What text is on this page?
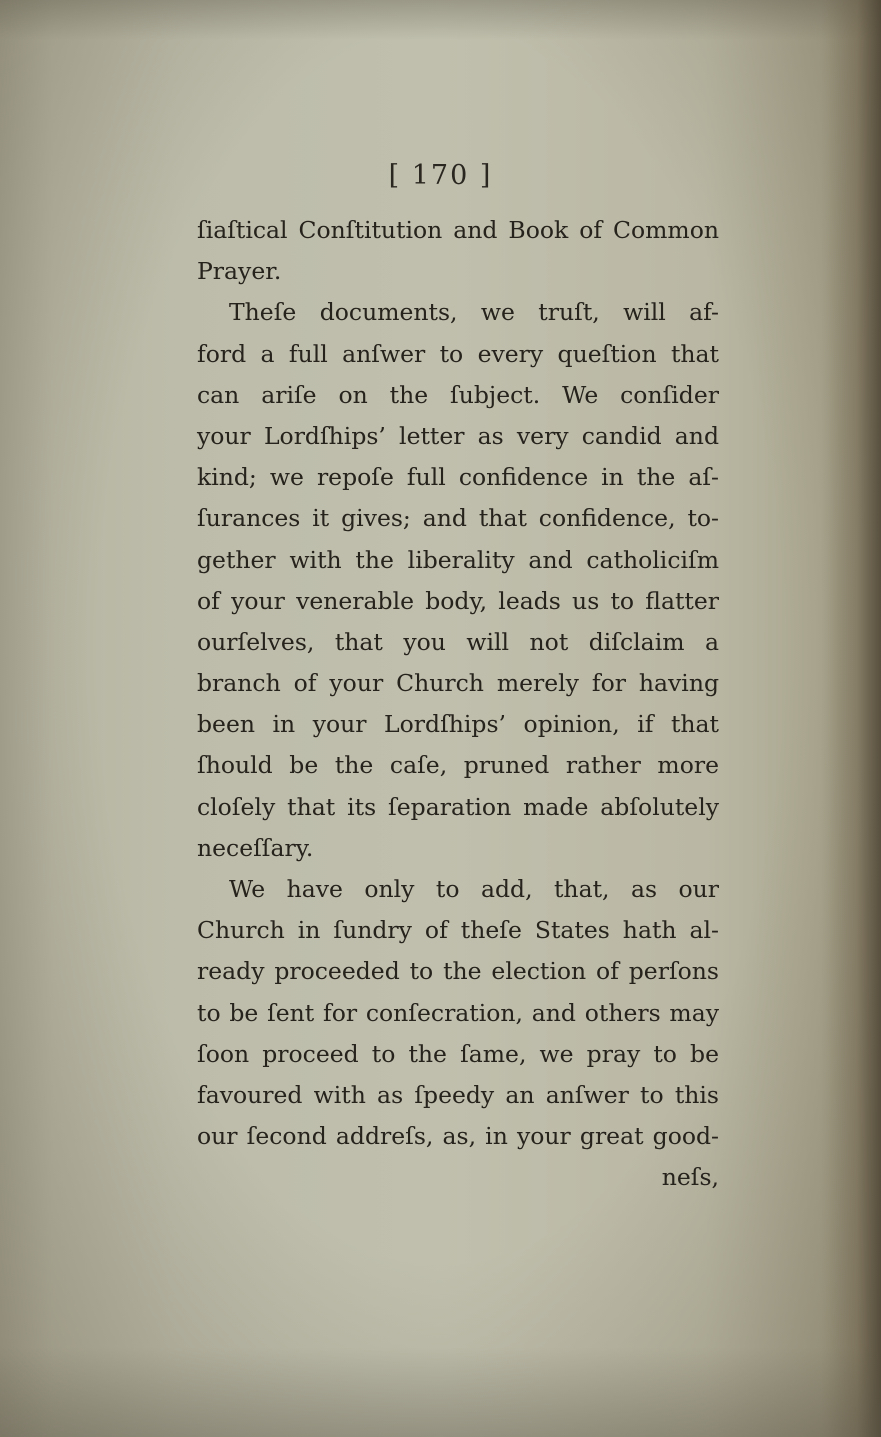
[ 170 ]
ſiaſtical Conſtitution and Book of Common
Prayer.
Theſe documents, we truſt, will af-
ford a full anſwer to every queſtion that
can ariſe on the ſubject. We conſider
your Lordſhips’ letter as very candid and
kind; we repoſe full confidence in the aſ-
ſurances it gives; and that confidence, to-
gether with the liberality and catholiciſm
of your venerable body, leads us to flatter
ourſelves, that you will not diſclaim a
branch of your Church merely for having
been in your Lordſhips’ opinion, if that
ſhould be the caſe, pruned rather more
cloſely that its ſeparation made abſolutely
neceſſary.
We have only to add, that, as our
Church in ſundry of theſe States hath al-
ready proceeded to the election of perſons
to be ſent for conſecration, and others may
ſoon proceed to the ſame, we pray to be
favoured with as ſpeedy an anſwer to this
our ſecond addreſs, as, in your great good-
neſs,
